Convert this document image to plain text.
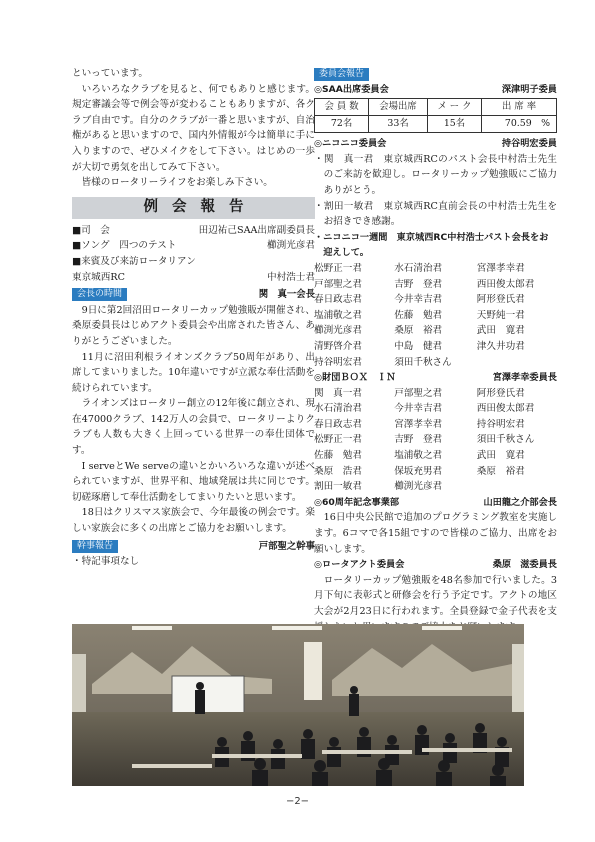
といっています。

いろいろなクラブを見ると、何でもありと感じます。規定審議会等で例会等が変わることもありますが、各クラブ自由です。自分のクラブが一番と思いますが、自治権があると思いますので、国内外情報が今は簡単に手に入りますので、ぜひメイクをして下さい。はじめの一歩が大切で勇気を出してみて下さい。

皆様のロータリーライフをお楽しみ下さい。

例会報告
■司　会	田辺祐己SAA出席副委員長
■ソング　四つのテスト	櫛渕光彦君
■来賓及び来訪ロータリアン
東京城西RC	中村浩士君
会長の時間	関　真一会長

9日に第2回沼田ロータリーカップ勉強販が開催され、桑原委員長はじめアクト委員会や出席された皆さん、ありがとうございました。

11月に沼田利根ライオンズクラブ50周年があり、出席してまいりました。10年違いですが立派な奉仕活動を続けられています。

ライオンズはロータリー創立の12年後に創立され、現在47000クラブ、142万人の会員で、ロータリーよりクラブも人数も大きく上回っている世界一の奉仕団体です。

I serveとWe serveの違いとかいろいろな違いが述べられていますが、世界平和、地域発展は共に同じです。切磋琢磨して奉仕活動をしてまいりたいと思います。

18日はクリスマス家族会で、今年最後の例会です。楽しい家族会に多くの出席とご協力をお願いします。

幹事報告	戸部聖之幹事

・特記事項なし

委員会報告
◎SAA出席委員会	深津明子委員
会 員 数	会場出席	メ ー ク	出 席 率
72名	33名	15名	70.59　%
◎ニコニコ委員会	持谷明宏委員

・関　真一君　東京城西RCのパスト会長中村浩士先生のご来訪を歓迎し。ロータリーカップ勉強販にご協力ありがとう。

・割田一敏君　東京城西RC直前会長の中村浩士先生をお招きでき感謝。

・ニコニコ一週間　東京城西RC中村浩士パスト会長をお迎えして。

松野正一君	水石清治君	宮澤孝幸君
戸部聖之君	吉野　登君	西田俊太郎君
春日政志君	今井幸吉君	阿形登氏君
塩浦敬之君	佐藤　勉君	天野純一君
櫛渕光彦君	桑原　裕君	武田　寛君
清野啓介君	中島　健君	津久井功君
持谷明宏君	須田千秋さん
◎財団ＢＯＸ　ＩＮ	宮澤孝幸委員長
関　真一君	戸部聖之君	阿形登氏君
水石清治君	今井幸吉君	西田俊太郎君
春日政志君	宮澤孝幸君	持谷明宏君
松野正一君	吉野　登君	須田千秋さん
佐藤　勉君	塩浦敬之君	武田　寛君
桑原　浩君	保坂充男君	桑原　裕君
割田一敏君	櫛渕光彦君
◎60周年記念事業部	山田龍之介部会長

16日中央公民館で追加のプログラミング教室を実施します。6コマで各15組ですので皆様のご協力、出席をお願いします。

◎ロータアクト委員会	桑原　滋委員長

ロータリーカップ勉強販を48名参加で行いました。3月下旬に表彰式と研修会を行う予定です。アクトの地区大会が2月23日に行われます。全員登録で金子代表を支

−2−
